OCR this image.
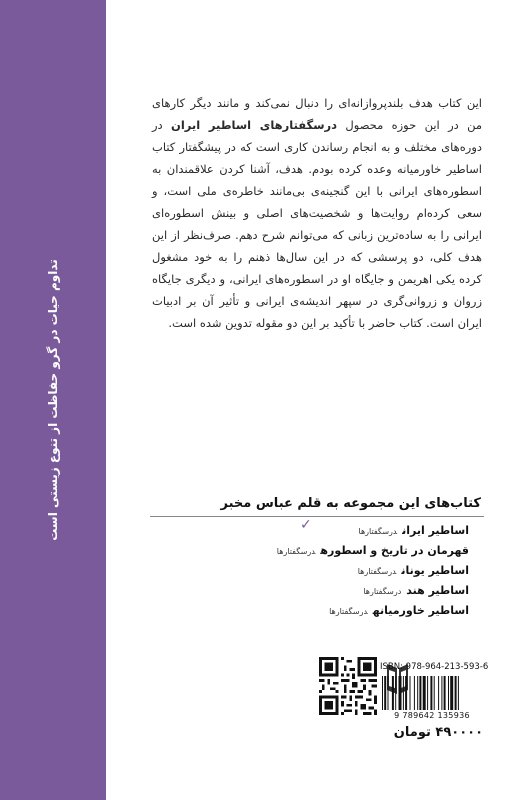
تداوم حیات در گرو حفاظت از تنوع زیستی است

این کتاب هدف بلندپروازانه‌ای را دنبال نمی‌کند و مانند دیگر کارهای من در این حوزه محصول درسگفتارهای اساطیر ایران در دوره‌های مختلف و به انجام رساندن کاری است که در پیشگفتار کتاب اساطیر خاورمیانه وعده کرده بودم. هدف، آشنا کردن علاقمندان به اسطوره‌های ایرانی با این گنجینه‌ی بی‌مانند خاطره‌ی ملی است، و سعی کرده‌ام روایت‌ها و شخصیت‌های اصلی و بینش اسطوره‌ای ایرانی را به ساده‌ترین زبانی که می‌توانم شرح دهم. صرف‌نظر از این هدف کلی، دو پرسشی که در این سال‌ها ذهنم را به خود مشغول کرده یکی اهریمن و جایگاه او در اسطوره‌های ایرانی، و دیگری جایگاه زروان و زروانی‌گری در سپهر اندیشه‌ی ایرانی و تأثیر آن بر ادبیات ایران است. کتاب حاضر با تأکید بر این دو مقوله تدوین شده است.

کتاب‌های این مجموعه به قلم عباس مخبر
✓	اساطیر ایراندرسگفتارها
قهرمان در تاریخ و اسطورهدرسگفتارها
اساطیر یوناندرسگفتارها
اساطیر هنددرسگفتارها
اساطیر خاورمیانهدرسگفتارها
ISBN: 978-964-213-593-6
9 789642 135936
۴۹۰۰۰۰ تومان
